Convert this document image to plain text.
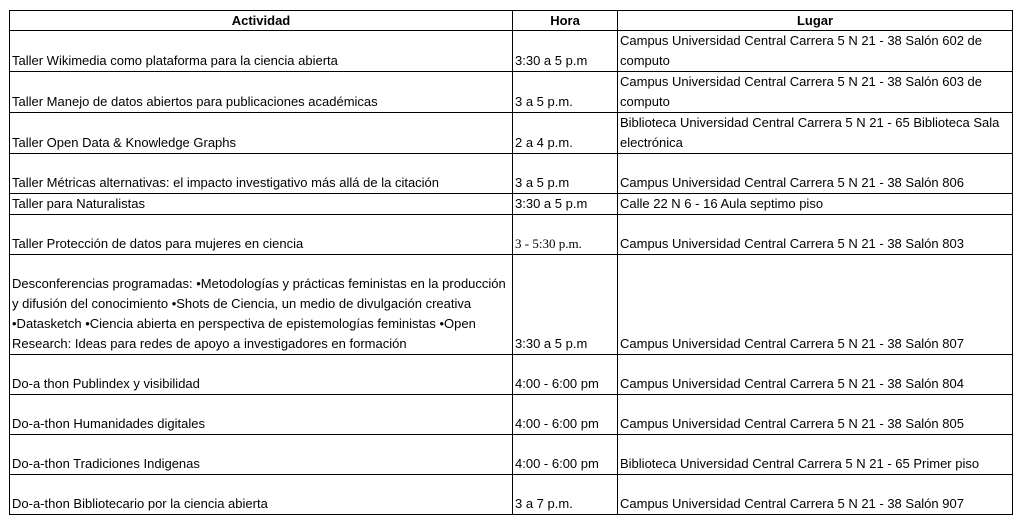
Actividad	Hora	Lugar
Taller Wikimedia como plataforma para la ciencia abierta	3:30 a 5 p.m	Campus Universidad Central Carrera 5 N 21 - 38 Salón 602 de computo
Taller Manejo de datos abiertos para publicaciones académicas	3 a 5 p.m.	Campus Universidad Central Carrera 5 N 21 - 38 Salón 603 de computo
Taller Open Data & Knowledge Graphs	2 a 4 p.m.	Biblioteca Universidad Central Carrera 5 N 21 - 65 Biblioteca Sala electrónica
Taller Métricas alternativas: el impacto investigativo más allá de la citación	3 a 5 p.m	Campus Universidad Central Carrera 5 N 21 - 38 Salón 806
Taller para Naturalistas	3:30 a 5 p.m	Calle 22 N 6 - 16 Aula septimo piso
Taller Protección de datos para mujeres en ciencia	3 - 5:30 p.m.	Campus Universidad Central Carrera 5 N 21 - 38 Salón 803
Desconferencias programadas: •Metodologías y prácticas feministas en la producción y difusión del conocimiento •Shots de Ciencia, un medio de divulgación creativa •Datasketch •Ciencia abierta en perspectiva de epistemologías feministas •Open Research: Ideas para redes de apoyo a investigadores en formación	3:30 a 5 p.m	Campus Universidad Central Carrera 5 N 21 - 38 Salón 807
Do-a thon Publindex y visibilidad	4:00 - 6:00 pm	Campus Universidad Central Carrera 5 N 21 - 38 Salón 804
Do-a-thon Humanidades digitales	4:00 - 6:00 pm	Campus Universidad Central Carrera 5 N 21 - 38 Salón 805
Do-a-thon Tradiciones Indigenas	4:00 - 6:00 pm	Biblioteca Universidad Central Carrera 5 N 21 - 65 Primer piso
Do-a-thon Bibliotecario por la ciencia abierta	3 a 7 p.m.	Campus Universidad Central Carrera 5 N 21 - 38 Salón 907
